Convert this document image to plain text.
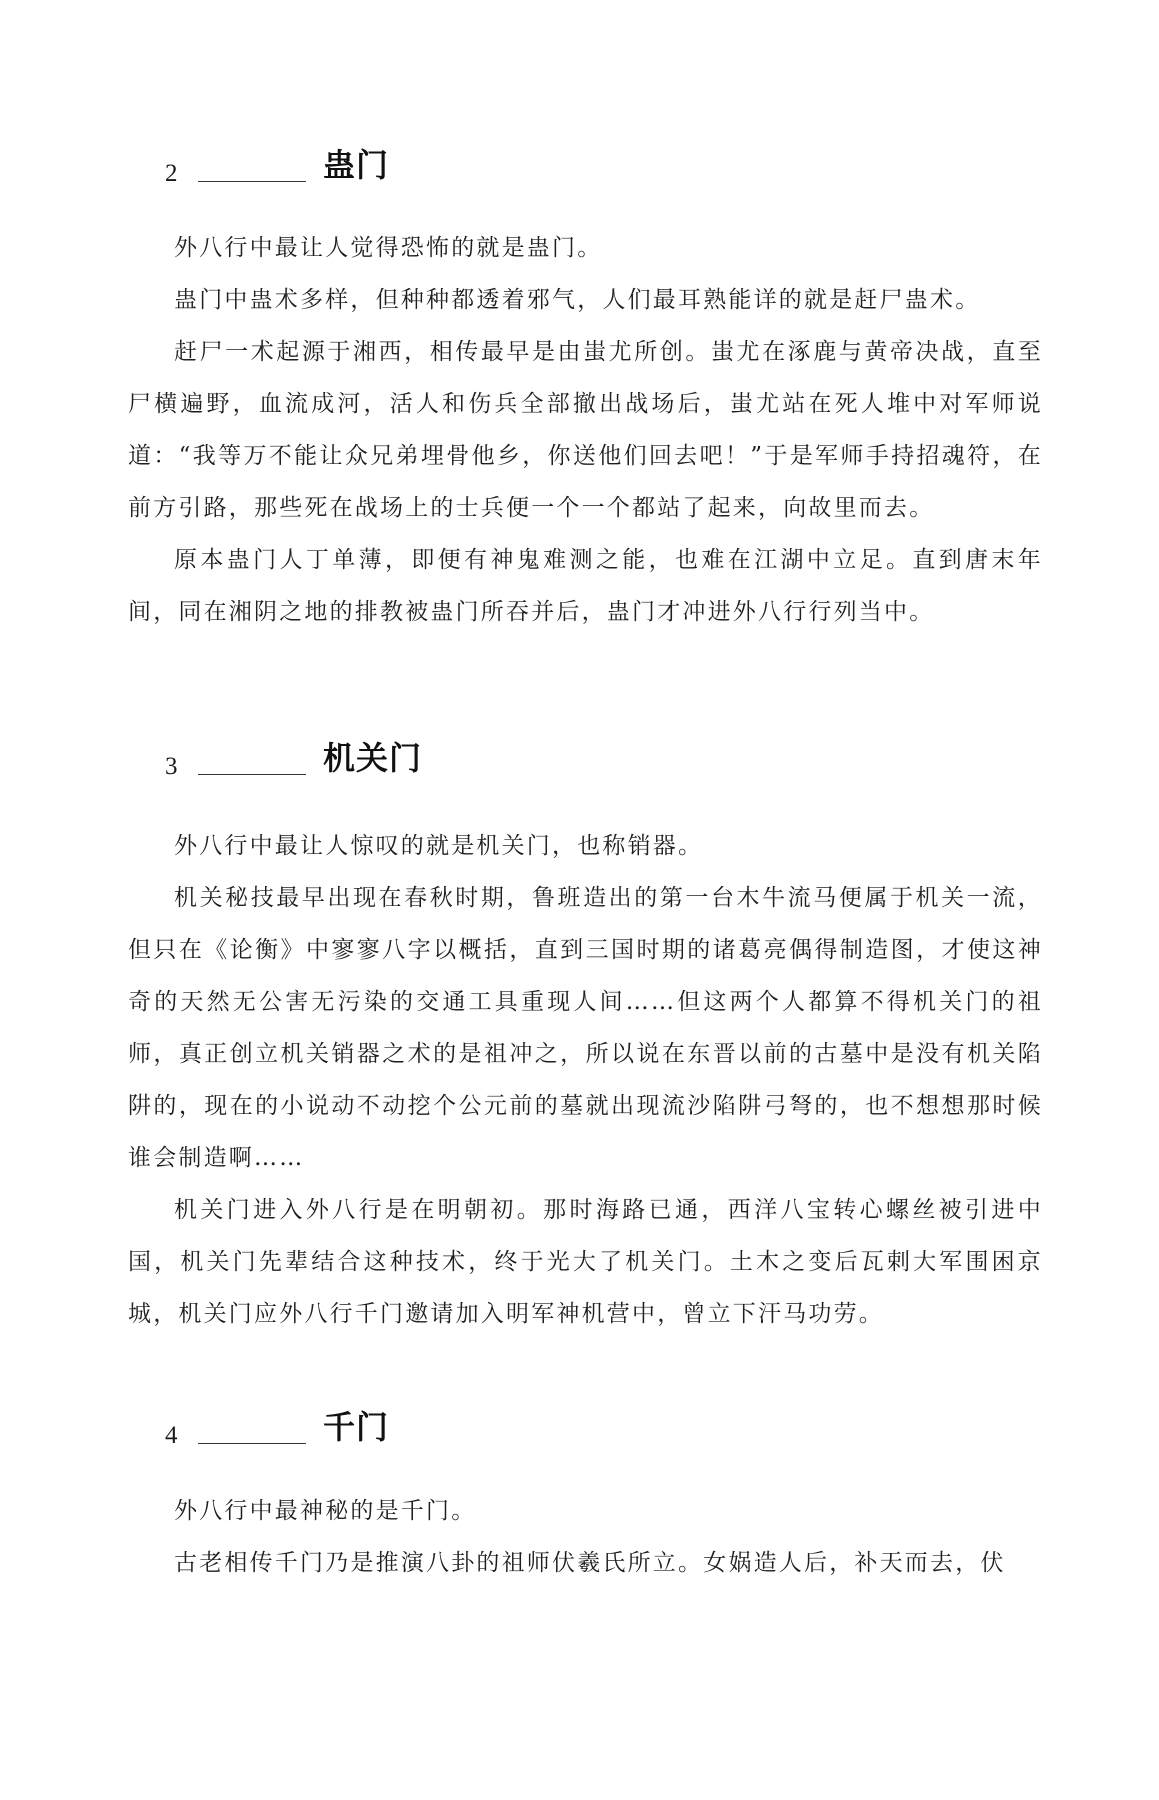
2	蛊门

外八行中最让人觉得恐怖的就是蛊门。

蛊门中蛊术多样，但种种都透着邪气，人们最耳熟能详的就是赶尸蛊术。

赶尸一术起源于湘西，相传最早是由蚩尤所创。蚩尤在涿鹿与黄帝决战，直至尸横遍野，血流成河，活人和伤兵全部撤出战场后，蚩尤站在死人堆中对军师说道：“我等万不能让众兄弟埋骨他乡，你送他们回去吧！”于是军师手持招魂符，在前方引路，那些死在战场上的士兵便一个一个都站了起来，向故里而去。

原本蛊门人丁单薄，即便有神鬼难测之能，也难在江湖中立足。直到唐末年间，同在湘阴之地的排教被蛊门所吞并后，蛊门才冲进外八行行列当中。

3	机关门

外八行中最让人惊叹的就是机关门，也称销器。

机关秘技最早出现在春秋时期，鲁班造出的第一台木牛流马便属于机关一流，但只在《论衡》中寥寥八字以概括，直到三国时期的诸葛亮偶得制造图，才使这神奇的天然无公害无污染的交通工具重现人间……但这两个人都算不得机关门的祖师，真正创立机关销器之术的是祖冲之，所以说在东晋以前的古墓中是没有机关陷阱的，现在的小说动不动挖个公元前的墓就出现流沙陷阱弓弩的，也不想想那时候谁会制造啊……

机关门进入外八行是在明朝初。那时海路已通，西洋八宝转心螺丝被引进中国，机关门先辈结合这种技术，终于光大了机关门。土木之变后瓦剌大军围困京城，机关门应外八行千门邀请加入明军神机营中，曾立下汗马功劳。

4	千门

外八行中最神秘的是千门。

古老相传千门乃是推演八卦的祖师伏羲氏所立。女娲造人后，补天而去，伏
